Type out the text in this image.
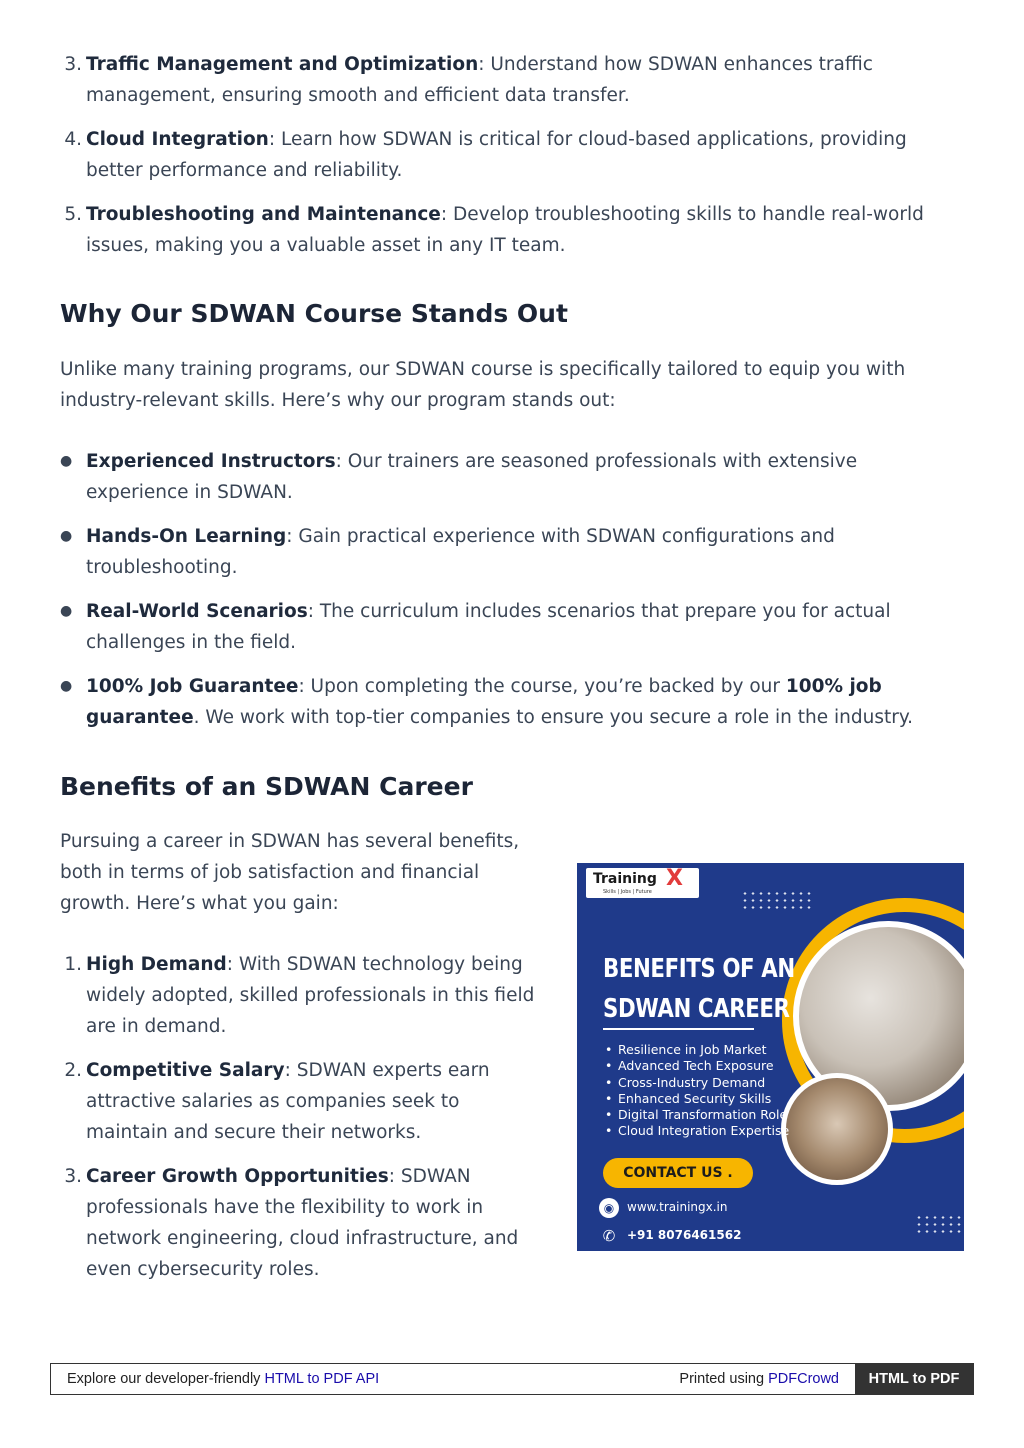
3. Traffic Management and Optimization: Understand how SDWAN enhances traffic management, ensuring smooth and efficient data transfer.
4. Cloud Integration: Learn how SDWAN is critical for cloud-based applications, providing better performance and reliability.
5. Troubleshooting and Maintenance: Develop troubleshooting skills to handle real-world issues, making you a valuable asset in any IT team.
Why Our SDWAN Course Stands Out

Unlike many training programs, our SDWAN course is specifically tailored to equip you with industry-relevant skills. Here’s why our program stands out:

● Experienced Instructors: Our trainers are seasoned professionals with extensive experience in SDWAN.
● Hands-On Learning: Gain practical experience with SDWAN configurations and troubleshooting.
● Real-World Scenarios: The curriculum includes scenarios that prepare you for actual challenges in the field.
● 100% Job Guarantee: Upon completing the course, you’re backed by our 100% job guarantee. We work with top-tier companies to ensure you secure a role in the industry.
Benefits of an SDWAN Career

Pursuing a career in SDWAN has several benefits, both in terms of job satisfaction and financial growth. Here’s what you gain:

1. High Demand: With SDWAN technology being widely adopted, skilled professionals in this field are in demand.
2. Competitive Salary: SDWAN experts earn attractive salaries as companies seek to maintain and secure their networks.
3. Career Growth Opportunities: SDWAN professionals have the flexibility to work in network engineering, cloud infrastructure, and even cybersecurity roles.
Training X
Skills | Jobs | Future
BENEFITS OF AN
SDWAN CAREER
• Resilience in Job Market
• Advanced Tech Exposure
• Cross-Industry Demand
• Enhanced Security Skills
• Digital Transformation Role
• Cloud Integration Expertise
CONTACT US .
◉ www.trainingx.in
✆ +91 8076461562
Explore our developer-friendly HTML to PDF API	Printed using PDFCrowd	HTML to PDF
